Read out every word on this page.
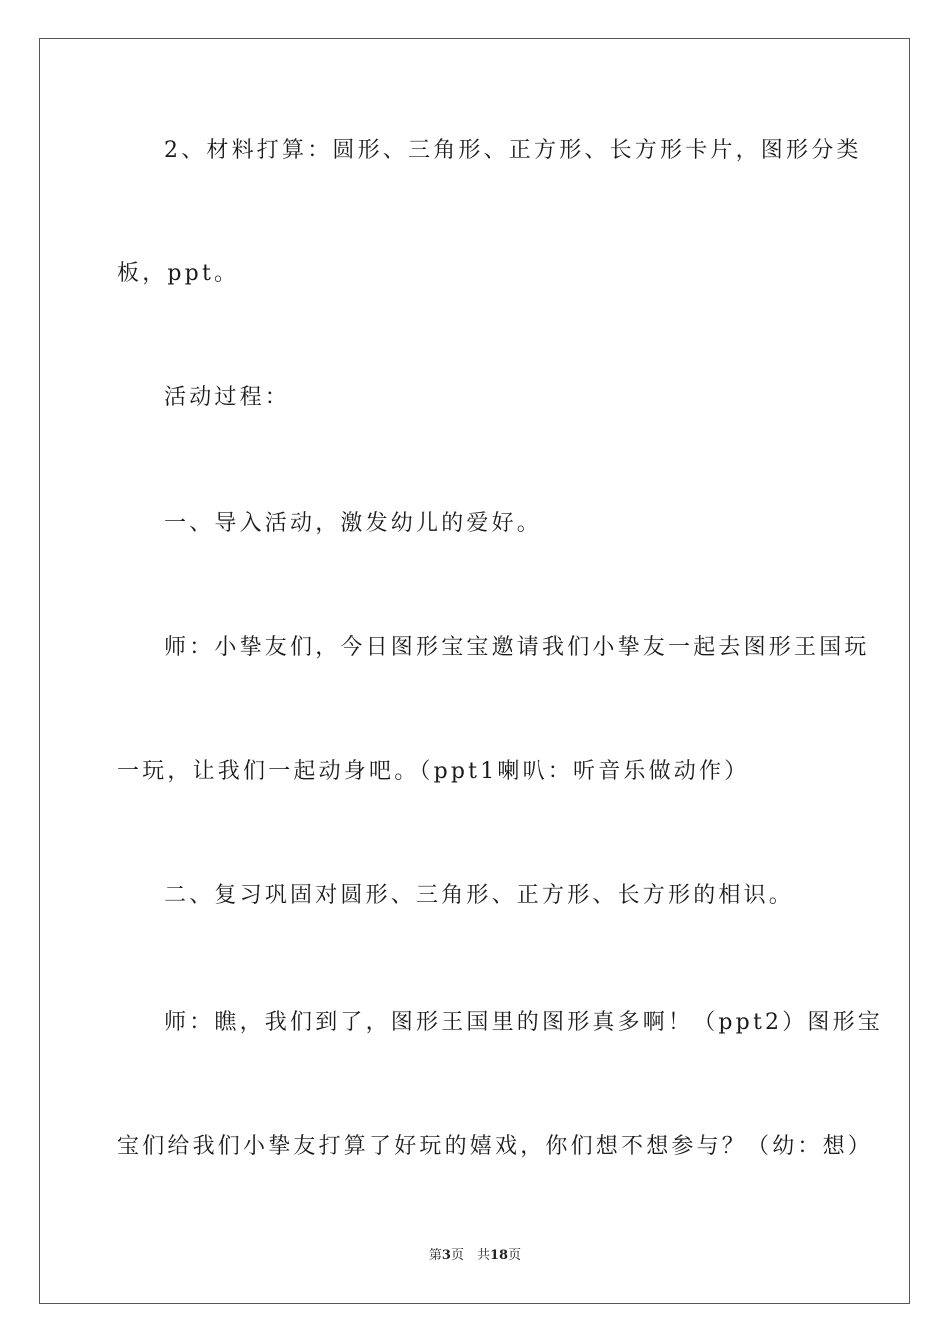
2、材料打算：圆形、三角形、正方形、长方形卡片，图形分类
板，ppt。
活动过程：
一、导入活动，激发幼儿的爱好。
师：小挚友们，今日图形宝宝邀请我们小挚友一起去图形王国玩
一玩，让我们一起动身吧。（ppt1喇叭：听音乐做动作）
二、复习巩固对圆形、三角形、正方形、长方形的相识。
师：瞧，我们到了，图形王国里的图形真多啊！（ppt2）图形宝
宝们给我们小挚友打算了好玩的嬉戏，你们想不想参与？（幼：想）
第3页　共18页
